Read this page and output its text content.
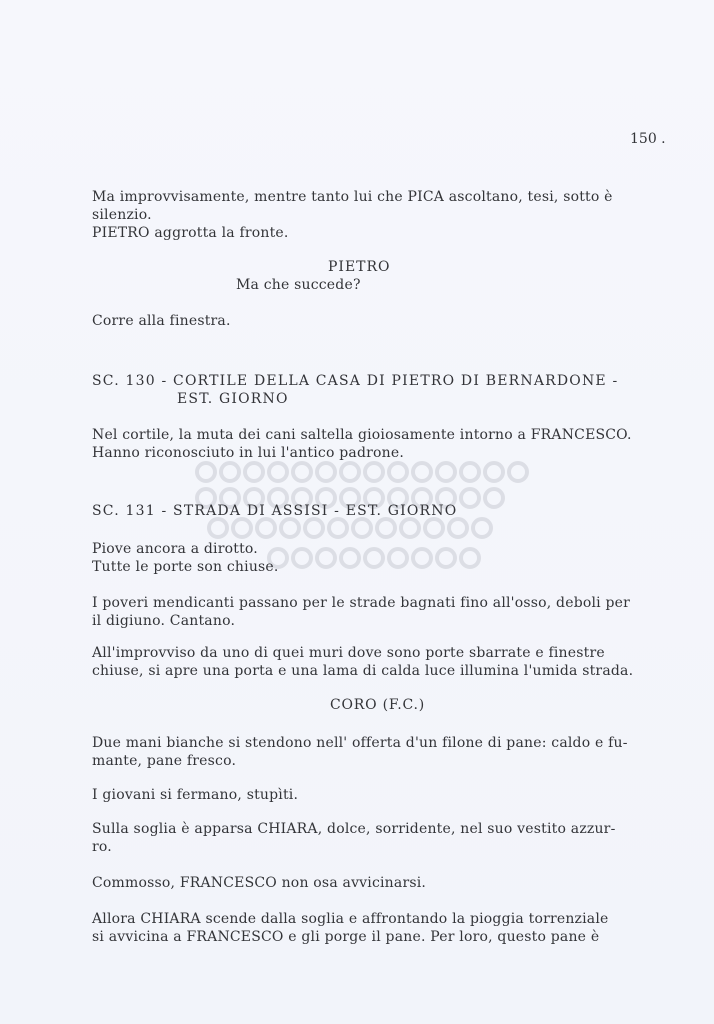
150 .
Ma improvvisamente, mentre tanto lui che PICA ascoltano, tesi, sotto è
silenzio.
PIETRO aggrotta la fronte.
PIETRO
Ma che succede?
Corre alla finestra.
SC. 130 - CORTILE DELLA CASA DI PIETRO DI BERNARDONE -
EST. GIORNO
Nel cortile, la muta dei cani saltella gioiosamente intorno a FRANCESCO.
Hanno riconosciuto in lui l'antico padrone.
SC. 131 - STRADA DI ASSISI - EST. GIORNO
Piove ancora a dirotto.
Tutte le porte son chiuse.
I poveri mendicanti passano per le strade bagnati fino all'osso, deboli per
il digiuno. Cantano.
All'improvviso da uno di quei muri dove sono porte sbarrate e finestre
chiuse, si apre una porta e una lama di calda luce illumina l'umida strada.
CORO (F.C.)
Due mani bianche si stendono nell' offerta d'un filone di pane: caldo e fu-
mante, pane fresco.
I giovani si fermano, stupìti.
Sulla soglia è apparsa CHIARA, dolce, sorridente, nel suo vestito azzur-
ro.
Commosso, FRANCESCO non osa avvicinarsi.
Allora CHIARA scende dalla soglia e affrontando la pioggia torrenziale
si avvicina a FRANCESCO e gli porge il pane. Per loro, questo pane è
